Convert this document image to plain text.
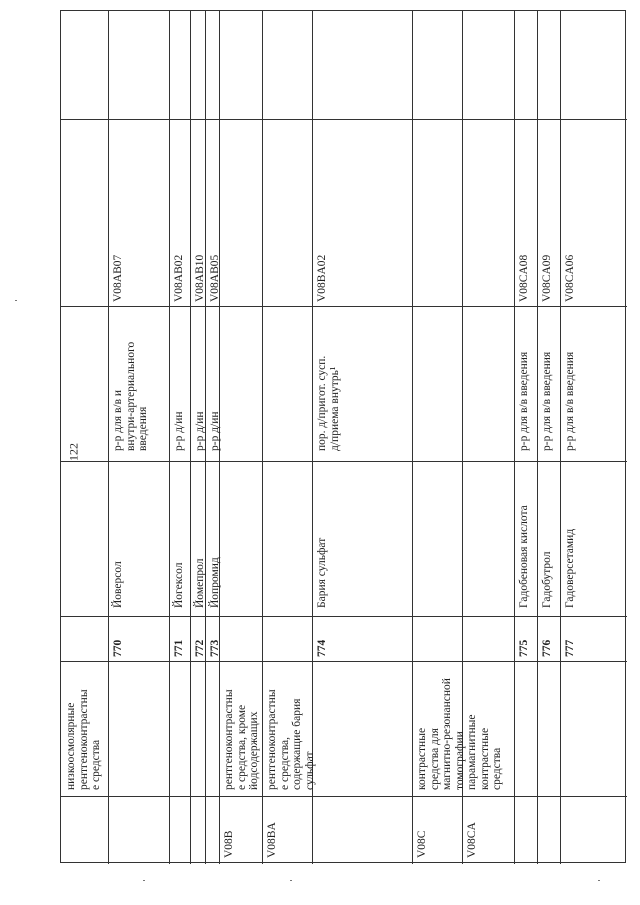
122
низкоосмолярные рентгеноконтрастны е средства
770
Йоверсол
р-р для в/в и внутри-артериального введения
V08AB07
771
Йогексол
р-р д/ин
V08AB02
772
Йомепрол
р-р д/ин
V08AB10
773
Йопромид
р-р д/ин
V08AB05
V08B
рентгеноконтрастны е средства, кроме йодсодержащих
V08BA
рентгеноконтрастны е средства, содержащие бария сульфат
774
Бария сульфат
пор. д/пригот. сусп. д/приема внутрь¹
V08BA02
V08C
контрастные средства для магнитно-резонансной томографии
V08CA
парамагнитные контрастные средства
775
Гадобеновая кислота
р-р для в/в введения
V08CA08
776
Гадобутрол
р-р для в/в введения
V08CA09
777
Гадоверсетамид
р-р для в/в введения
V08CA06
